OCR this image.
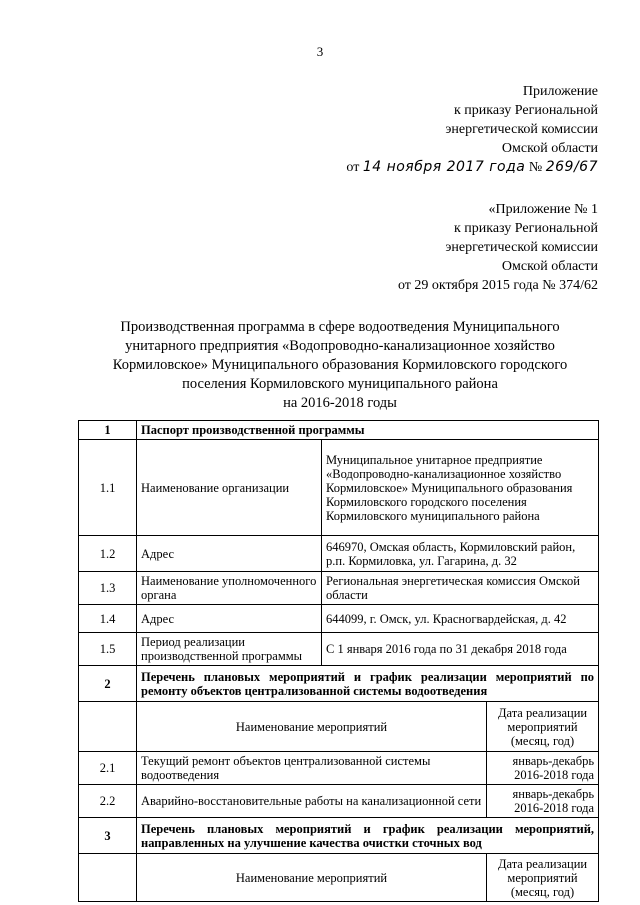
3
Приложение
к приказу Региональной
энергетической комиссии
Омской области
от 14 ноября 2017 года № 269/67
«Приложение № 1
к приказу Региональной
энергетической комиссии
Омской области
от 29 октября 2015 года № 374/62
Производственная программа в сфере водоотведения Муниципального
унитарного предприятия «Водопроводно-канализационное хозяйство
Кормиловское» Муниципального образования Кормиловского городского
поселения Кормиловского муниципального района
на 2016-2018 годы
1	Паспорт производственной программы		
1.1	Наименование организации	Муниципальное унитарное предприятие «Водопроводно-канализационное хозяйство Кормиловское» Муниципального образования Кормиловского городского поселения Кормиловского муниципального района	
1.2	Адрес	646970, Омская область, Кормиловский район, р.п. Кормиловка, ул. Гагарина, д. 32	
1.3	Наименование уполномоченного органа	Региональная энергетическая комиссия Омской области	
1.4	Адрес	644099, г. Омск, ул. Красногвардейская, д. 42	
1.5	Период реализации производственной программы	С 1 января 2016 года по 31 декабря 2018 года	
2	Перечень плановых мероприятий и график реализации мероприятий по ремонту объектов централизованной системы водоотведения		
	Наименование мероприятий		Дата реализации мероприятий (месяц, год)
2.1	Текущий ремонт объектов централизованной системы водоотведения		январь-декабрь 2016-2018 года
2.2	Аварийно-восстановительные работы на канализационной сети		январь-декабрь 2016-2018 года
3	Перечень плановых мероприятий и график реализации мероприятий, направленных на улучшение качества очистки сточных вод		
	Наименование мероприятий		Дата реализации мероприятий (месяц, год)
